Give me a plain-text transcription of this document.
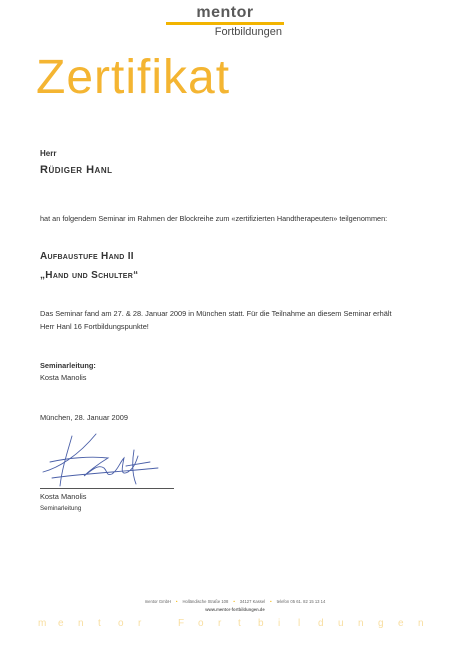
mentor
Fortbildungen
Zertifikat
Herr
Rüdiger Hanl
hat an folgendem Seminar im Rahmen der Blockreihe zum «zertifizierten Handtherapeuten» teilgenommen:
Aufbaustufe Hand II
„Hand und Schulter“
Das Seminar fand am 27. & 28. Januar 2009 in München statt. Für die Teilnahme an diesem Seminar erhält
Herr Hanl 16 Fortbildungspunkte!
Seminarleitung:
Kosta Manolis
München, 28. Januar 2009
Kosta Manolis
Seminarleitung
mentor GmbH • Holländische Straße 108 • 34127 Kassel • telefon 05 61. 82 15 13 14
www.mentor-fortbildungen.de
m e n t o r	F o r t b i l d u n g e n
